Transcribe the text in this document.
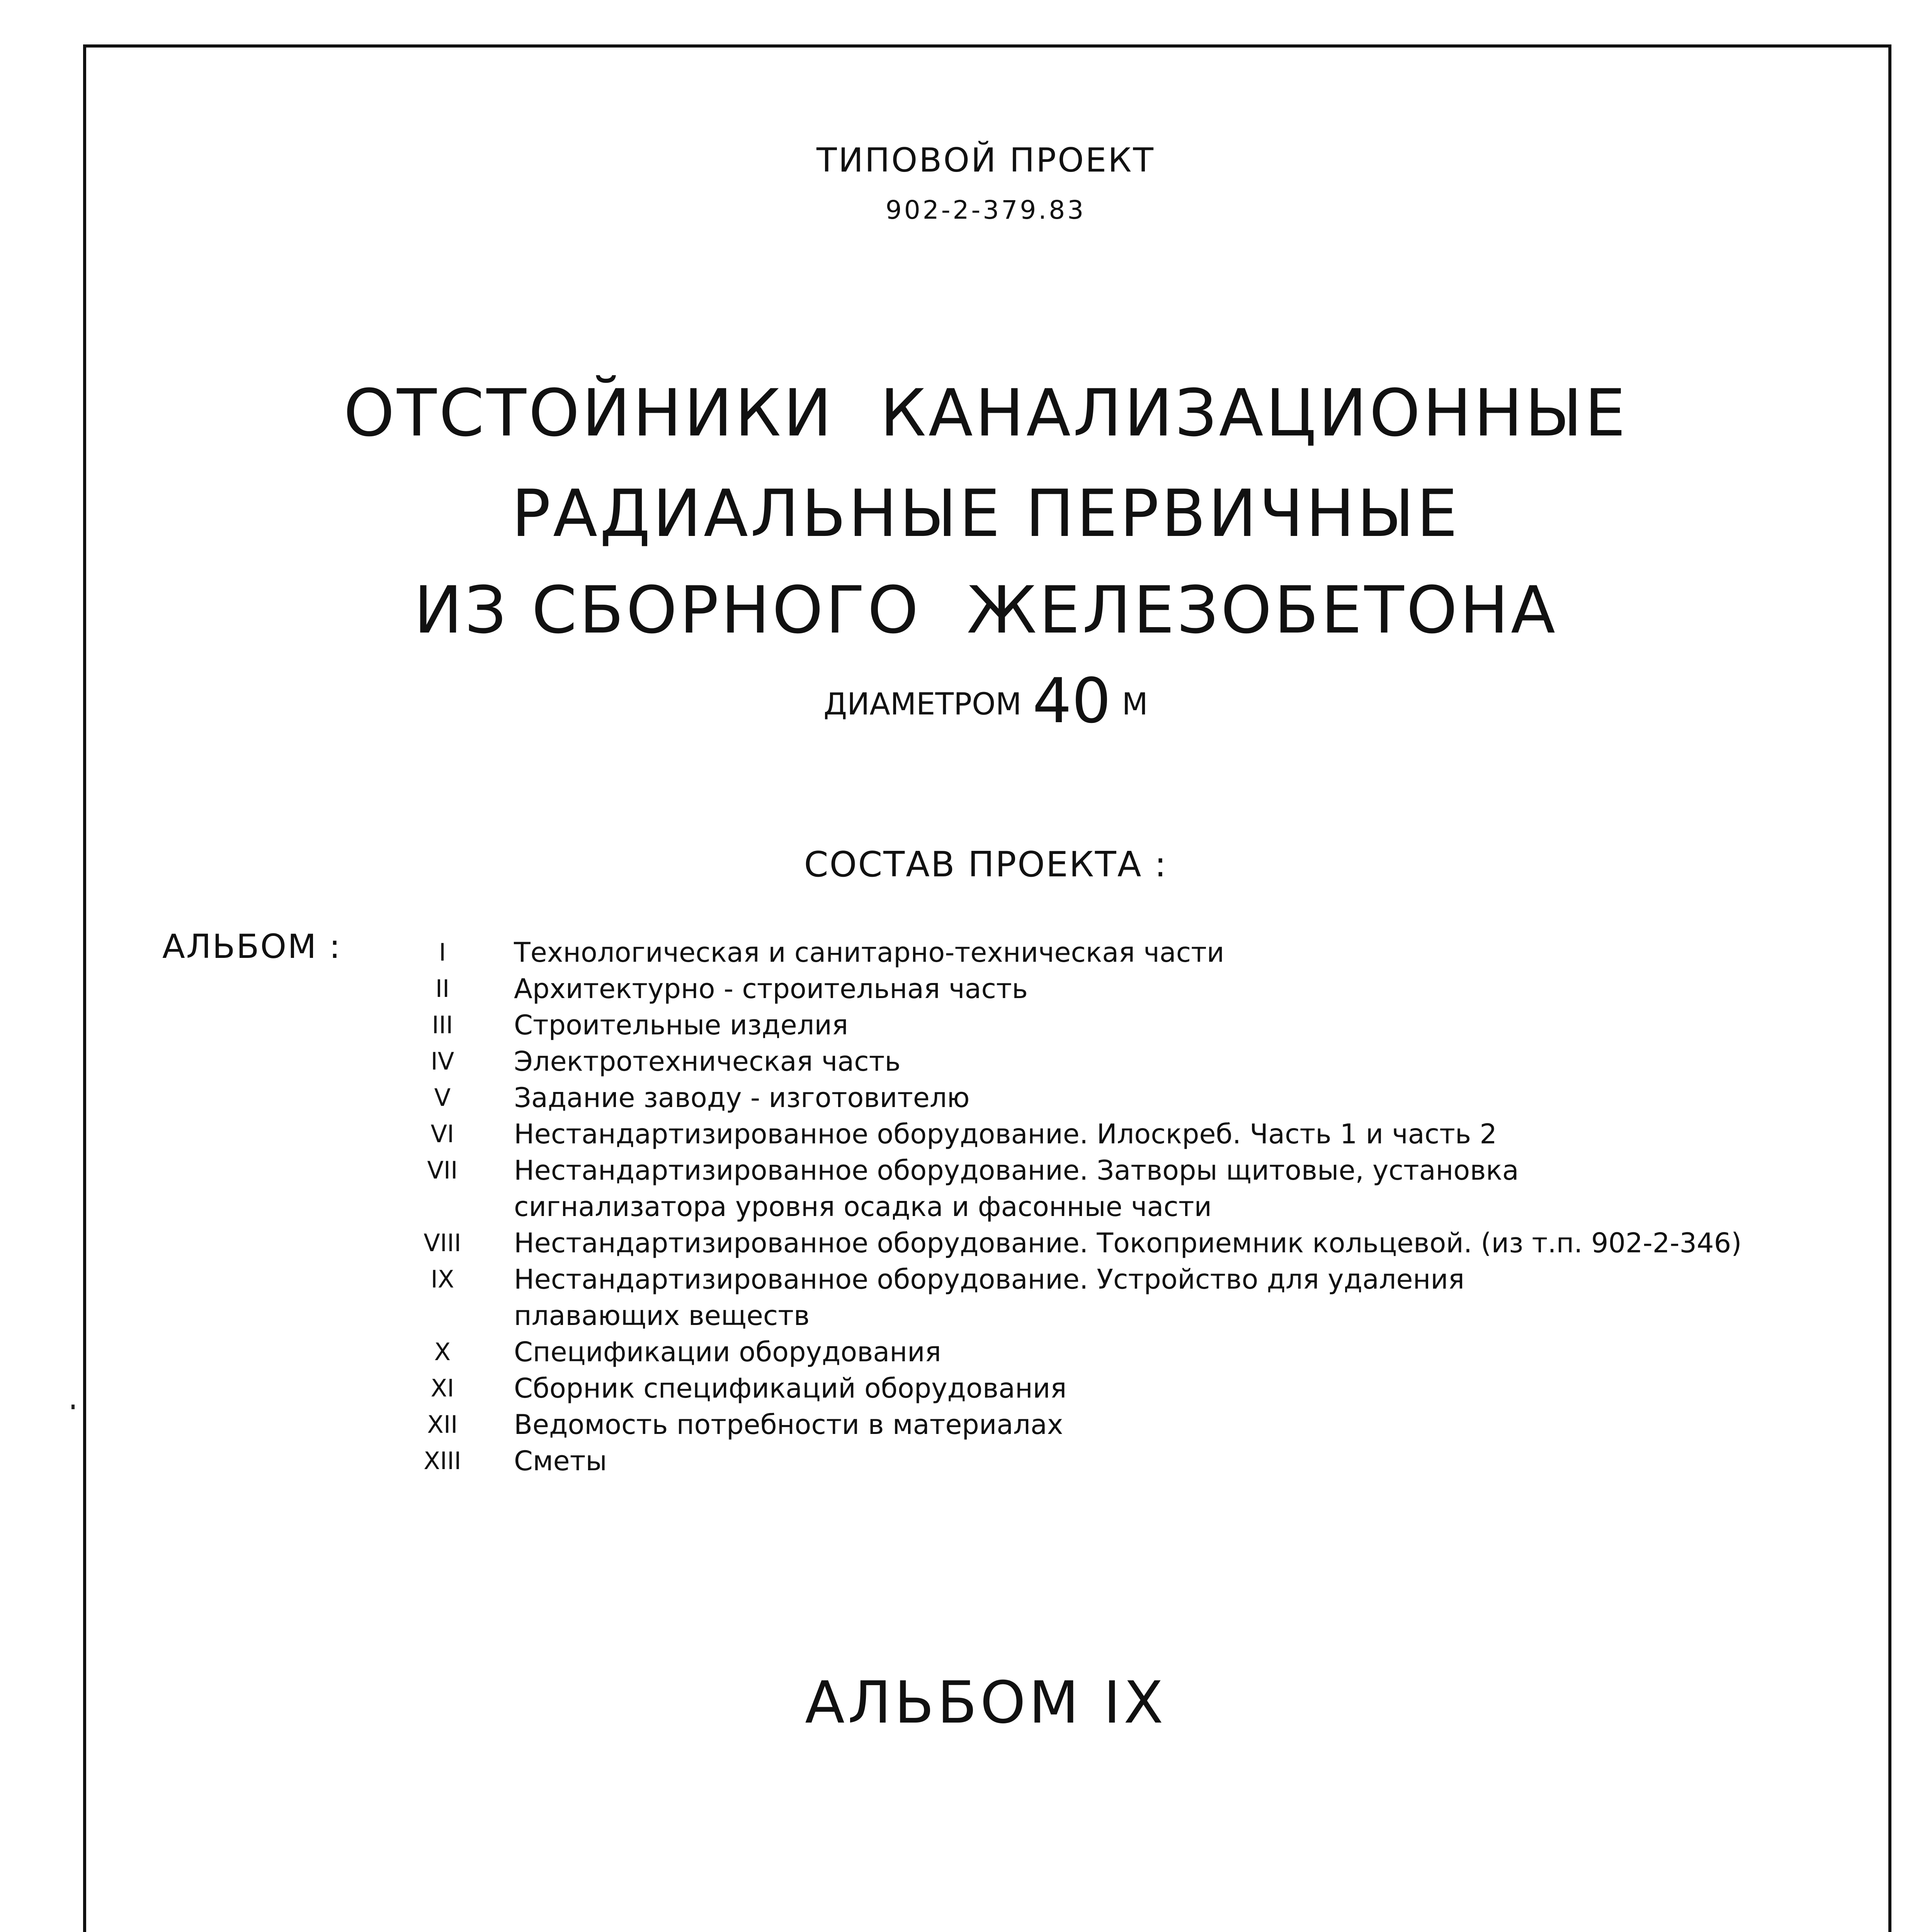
ТИПОВОЙ ПРОЕКТ
902-2-379.83
ОТСТОЙНИКИ  КАНАЛИЗАЦИОННЫЕ
РАДИАЛЬНЫЕ ПЕРВИЧНЫЕ
ИЗ СБОРНОГО  ЖЕЛЕЗОБЕТОНА
ДИАМЕТРОМ 40 М
СОСТАВ ПРОЕКТА :
АЛЬБОМ :	I	Технологическая и санитарно-техническая части
II	Архитектурно - строительная часть
III	Строительные изделия
IV	Электротехническая часть
V	Задание заводу - изготовителю
VI	Нестандартизированное оборудование. Илоскреб. Часть 1 и часть 2
VII	Нестандартизированное оборудование. Затворы щитовые, установка
сигнализатора уровня осадка и фасонные части
VIII Нестандартизированное оборудование. Токоприемник кольцевой. (из т.п. 902-2-346)
IX	Нестандартизированное оборудование. Устройство для удаления
плавающих веществ
X	Спецификации оборудования
XI	Сборник спецификаций оборудования
XII	Ведомость потребности в материалах
XIII Сметы
АЛЬБОМ IX
